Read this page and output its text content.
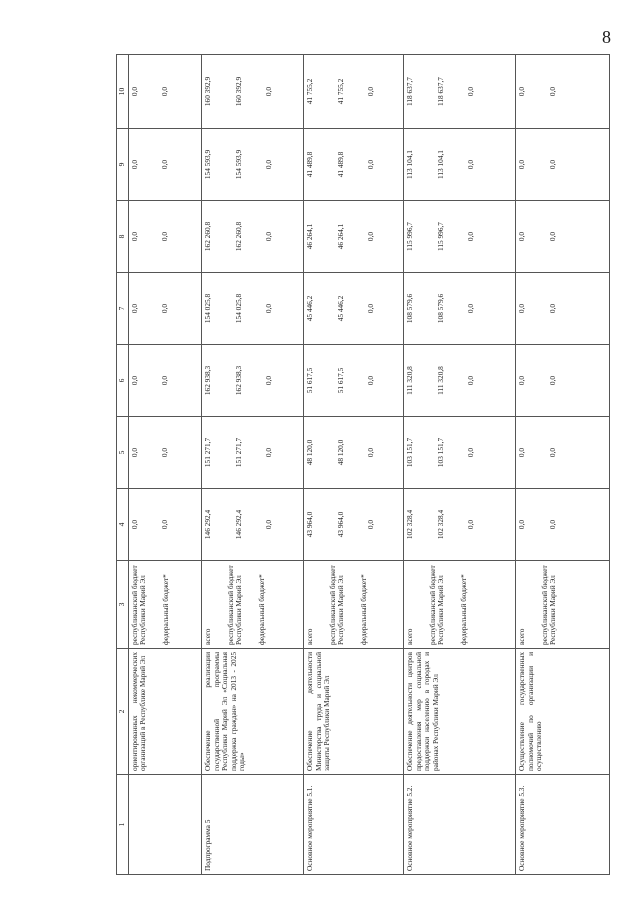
8
1	2	3	4	5	6	7	8	9	10
	ориентированных некоммерческих организаций в Республике Марий Эл	республиканский бюджет Республики Марий Эл федеральный бюджет*	0,0 0,0	0,0 0,0	0,0 0,0	0,0 0,0	0,0 0,0	0,0 0,0	0,0 0,0

Подпрограмма 5	Обеспечение реализации государственной программы Республики Марий Эл «Социальная поддержка граждан» на 2013 - 2025 годы»	всего республиканский бюджет Республики Марий Эл федеральный бюджет*	146 292,4 146 292,4 0,0	151 271,7 151 271,7 0,0	162 938,3 162 938,3 0,0	154 025,8 154 025,8 0,0	162 260,8 162 260,8 0,0	154 593,9 154 593,9 0,0	160 392,9 160 392,9 0,0

Основное мероприятие 5.1.	Обеспечение деятельности Министерства труда и социальной защиты Республики Марий Эл	всего республиканский бюджет Республики Марий Эл федеральный бюджет*	43 964,0 43 964,0 0,0	48 120,0 48 120,0 0,0	51 617,5 51 617,5 0,0	45 446,2 45 446,2 0,0	46 264,1 46 264,1 0,0	41 489,8 41 489,8 0,0	41 755,2 41 755,2 0,0

Основное мероприятие 5.2.	Обеспечение деятельности центров предоставления мер социальной поддержки населению в городах и районах Республики Марий Эл	всего республиканский бюджет Республики Марий Эл федеральный бюджет*	102 328,4 102 328,4 0,0	103 151,7 103 151,7 0,0	111 320,8 111 320,8 0,0	108 579,6 108 579,6 0,0	115 996,7 115 996,7 0,0	113 104,1 113 104,1 0,0	118 637,7 118 637,7 0,0

Основное мероприятие 5.3.	Осуществление государственных полномочий по организации и осуществлению	всего республиканский бюджет Республики Марий Эл	0,0 0,0	0,0 0,0	0,0 0,0	0,0 0,0	0,0 0,0	0,0 0,0	0,0 0,0
